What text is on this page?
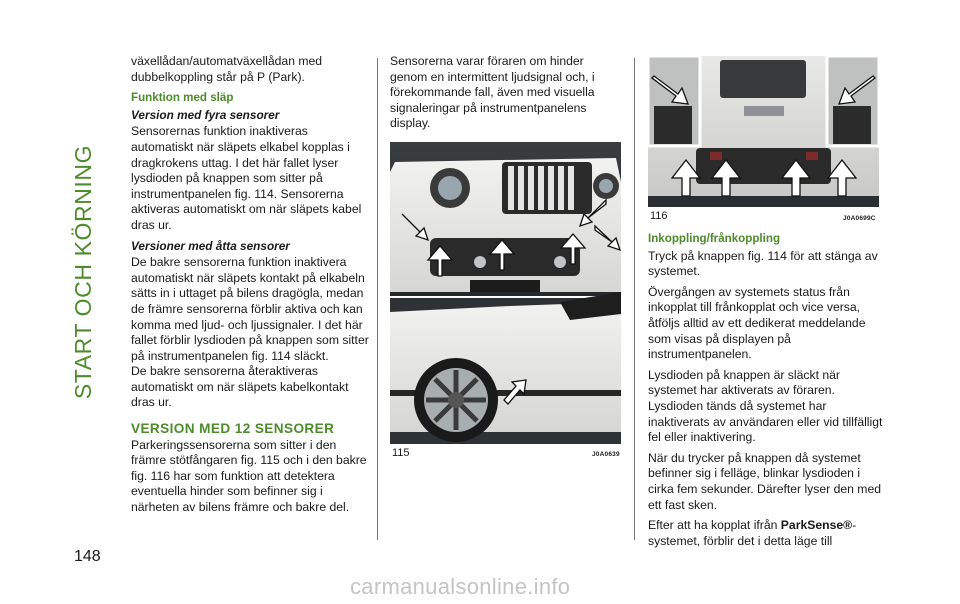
START OCH KÖRNING
148

växellådan/automatväxellådan med dubbelkoppling står på P (Park).

Funktion med släp
Version med fyra sensorer

Sensorernas funktion inaktiveras automatiskt när släpets elkabel kopplas i dragkrokens uttag. I det här fallet lyser lysdioden på knappen som sitter på instrumentpanelen fig. 114. Sensorerna aktiveras automatiskt om när släpets kabel dras ur.

Versioner med åtta sensorer

De bakre sensorerna funktion inaktivera automatiskt när släpets kontakt på elkabeln sätts in i uttaget på bilens dragögla, medan de främre sensorerna förblir aktiva och kan komma med ljud- och ljussignaler. I det här fallet förblir lysdioden på knappen som sitter på instrumentpanelen fig. 114 släckt.

De bakre sensorerna återaktiveras automatiskt om när släpets kabelkontakt dras ur.

VERSION MED 12 SENSORER

Parkeringssensorerna som sitter i den främre stötfångaren fig. 115 och i den bakre fig. 116 har som funktion att detektera eventuella hinder som befinner sig i närheten av bilens främre och bakre del.

Sensorerna varar föraren om hinder genom en intermittent ljudsignal och, i förekommande fall, även med visuella signaleringar på instrumentpanelens display.

115	J0A0639
116	J0A0699C
Inkoppling/frånkoppling

Tryck på knappen fig. 114 för att stänga av systemet.

Övergången av systemets status från inkopplat till frånkopplat och vice versa, åtföljs alltid av ett dedikerat meddelande som visas på displayen på instrumentpanelen.

Lysdioden på knappen är släckt när systemet har aktiverats av föraren. Lysdioden tänds då systemet har inaktiverats av användaren eller vid tillfälligt fel eller inaktivering.

När du trycker på knappen då systemet befinner sig i felläge, blinkar lysdioden i cirka fem sekunder. Därefter lyser den med ett fast sken.

Efter att ha kopplat ifrån ParkSense®-systemet, förblir det i detta läge till

carmanualsonline.info
